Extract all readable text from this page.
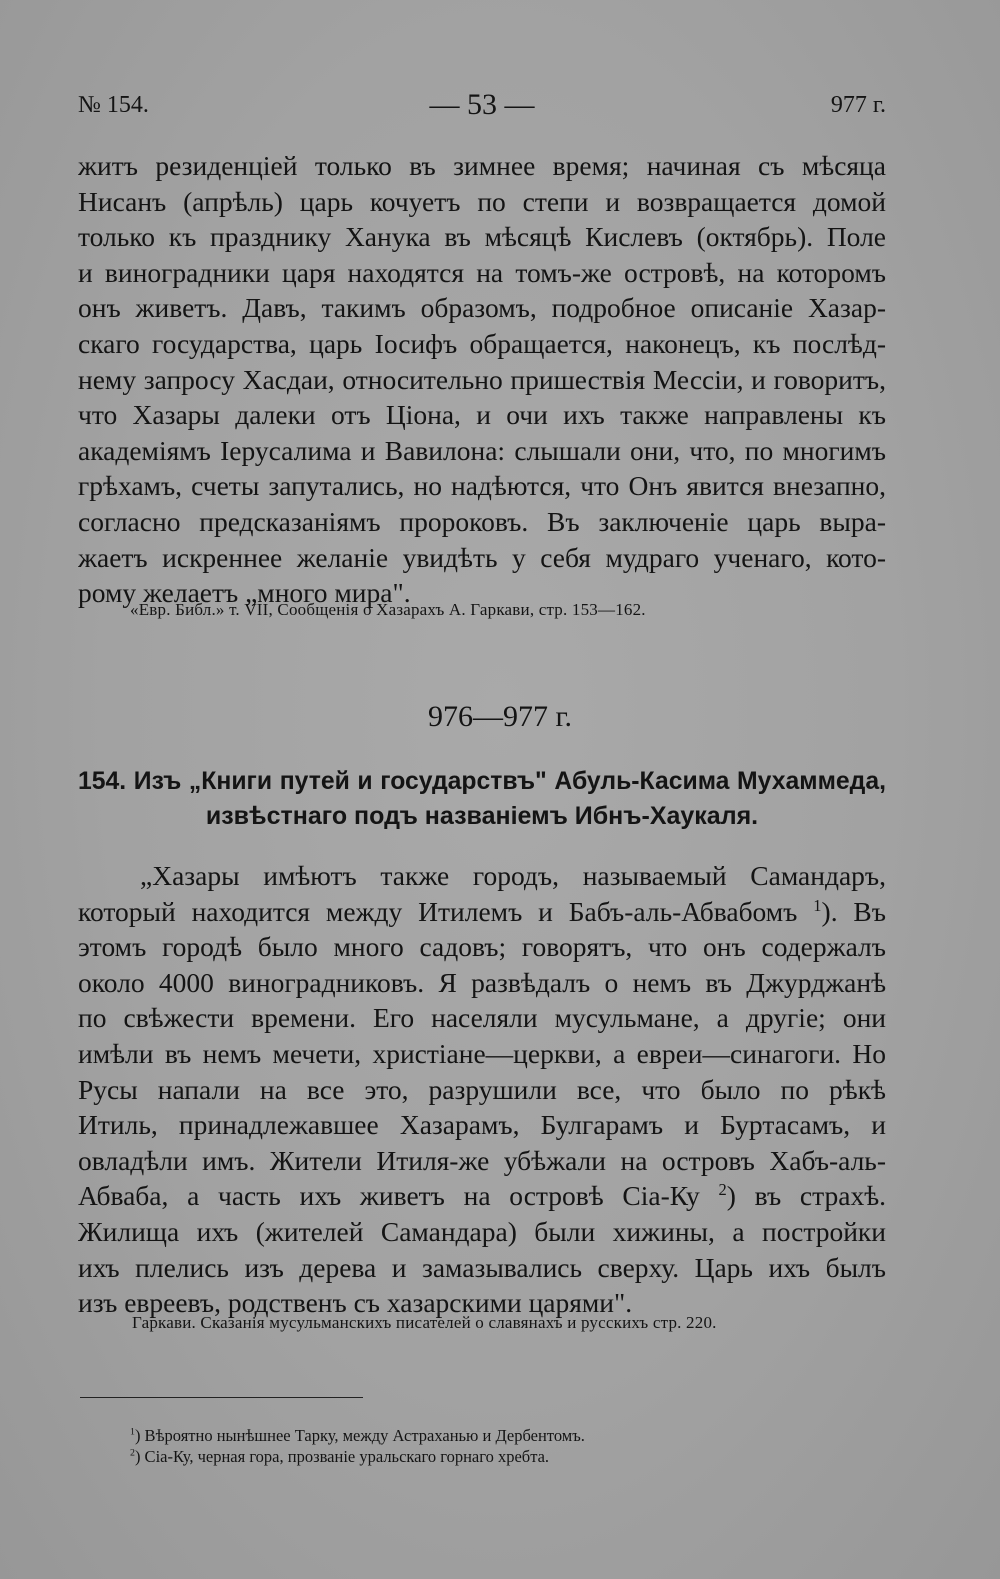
№ 154.	— 53 —	977 г.
житъ резиденціей только въ зимнее время; начиная съ мѣсяца
Нисанъ (апрѣль) царь кочуетъ по степи и возвращается домой
только къ празднику Ханука въ мѣсяцѣ Кислевъ (октябрь). Поле
и виноградники царя находятся на томъ-же островѣ, на которомъ
онъ живетъ. Давъ, такимъ образомъ, подробное описаніе Хазар-
скаго государства, царь Іосифъ обращается, наконецъ, къ послѣд-
нему запросу Хасдаи, относительно пришествія Мессіи, и говоритъ,
что Хазары далеки отъ Ціона, и очи ихъ также направлены къ
академіямъ Іерусалима и Вавилона: слышали они, что, по многимъ
грѣхамъ, счеты запутались, но надѣются, что Онъ явится внезапно,
согласно предсказаніямъ пророковъ. Въ заключеніе царь выра-
жаетъ искреннее желаніе увидѣть у себя мудраго ученаго, кото-
рому желаетъ „много мира".
«Евр. Библ.» т. VII, Сообщенія о Хазарахъ А. Гаркави, стр. 153—162.
976—977 г.
154. Изъ „Книги путей и государствъ" Абуль-Касима Мухаммеда,
извѣстнаго подъ названіемъ Ибнъ-Хаукаля.
„Хазары имѣютъ также городъ, называемый Самандаръ,
который находится между Итилемъ и Бабъ-аль-Абвабомъ $^1$). Въ
этомъ городѣ было много садовъ; говорятъ, что онъ содержалъ
около 4000 виноградниковъ. Я развѣдалъ о немъ въ Джурджанѣ
по свѣжести времени. Его населяли мусульмане, а другіе; они
имѣли въ немъ мечети, христіане—церкви, а евреи—синагоги. Но
Русы напали на все это, разрушили все, что было по рѣкѣ
Итиль, принадлежавшее Хазарамъ, Булгарамъ и Буртасамъ, и
овладѣли имъ. Жители Итиля-же убѣжали на островъ Хабъ-аль-
Абваба, а часть ихъ живетъ на островѣ Сіа-Ку $^2$) въ страхѣ.
Жилища ихъ (жителей Самандара) были хижины, а постройки
ихъ плелись изъ дерева и замазывались сверху. Царь ихъ былъ
изъ евреевъ, родственъ съ хазарскими царями".
Гаркави. Сказанія мусульманскихъ писателей о славянахъ и русскихъ стр. 220.
$^1$) Вѣроятно нынѣшнее Тарку, между Астраханью и Дербентомъ.
$^2$) Сіа-Ку, черная гора, прозваніе уральскаго горнаго хребта.
